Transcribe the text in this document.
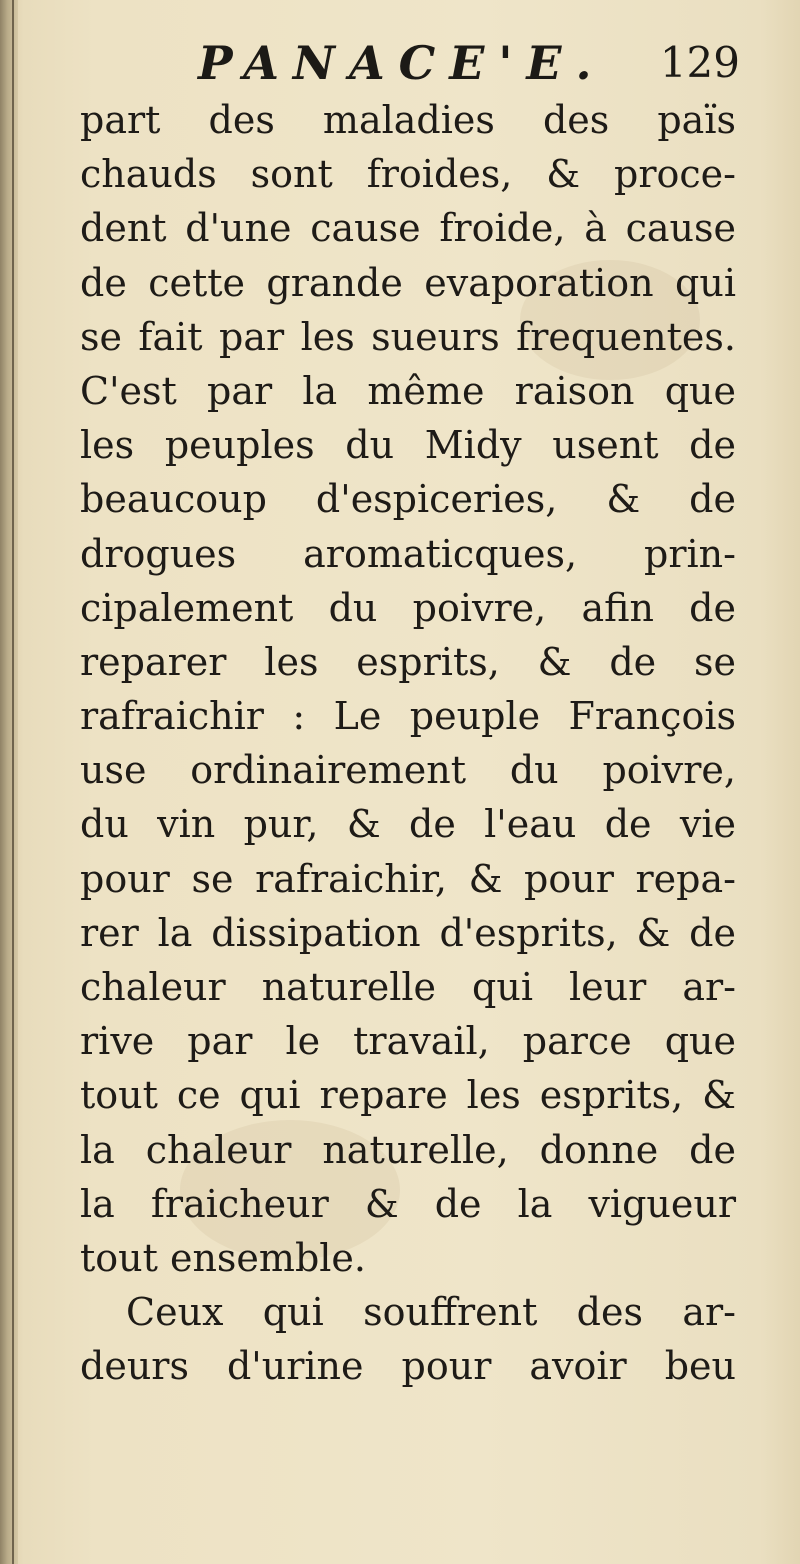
PANACE'E. 129
part des maladies des païs
chauds sont froides, & proce-
dent d'une cause froide, à cause
de cette grande evaporation qui
se fait par les sueurs frequentes.
C'est par la même raison que
les peuples du Midy usent de
beaucoup d'espiceries, & de
drogues aromaticques, prin-
cipalement du poivre, afin de
reparer les esprits, & de se
rafraichir : Le peuple François
use ordinairement du poivre,
du vin pur, & de l'eau de vie
pour se rafraichir, & pour repa-
rer la dissipation d'esprits, & de
chaleur naturelle qui leur ar-
rive par le travail, parce que
tout ce qui repare les esprits, &
la chaleur naturelle, donne de
la fraicheur & de la vigueur
tout ensemble.
Ceux qui souffrent des ar-
deurs d'urine pour avoir beu
